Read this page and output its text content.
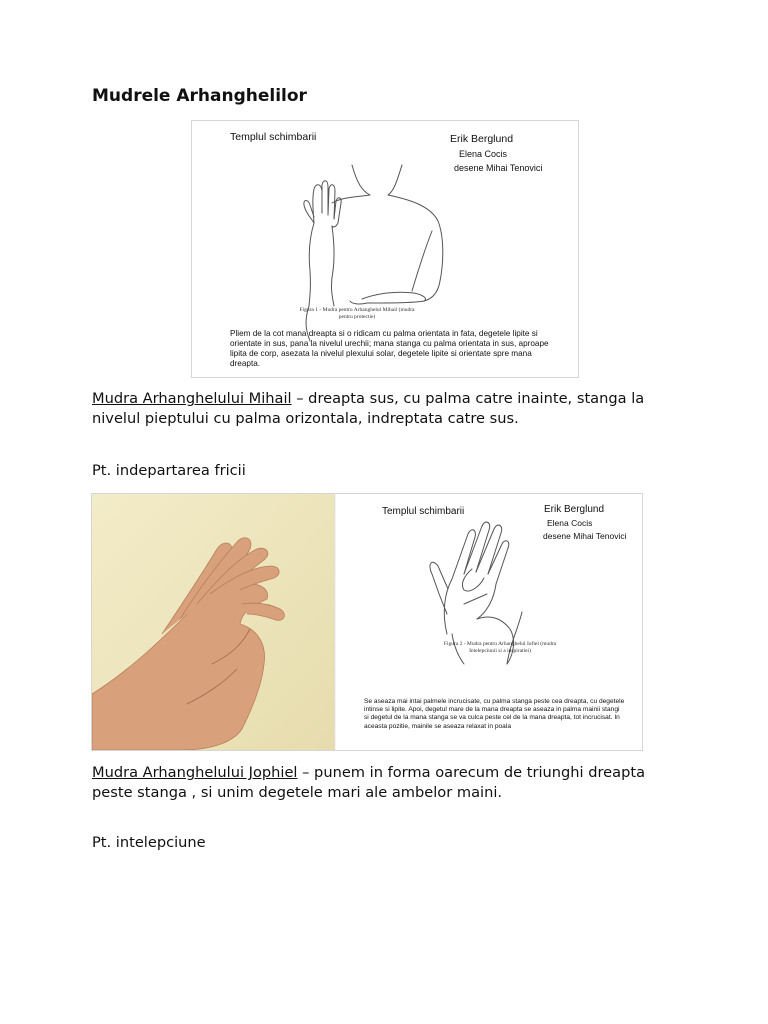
Mudrele Arhanghelilor
Templul schimbarii	Erik Berglund
Elena Cocis
desene Mihai Tenovici
Figura 1 - Mudra pentru Arhanghelul Mihail (mudra pentru protectie)
Pliem de la cot mana dreapta si o ridicam cu palma orientata in fata, degetele lipite si orientate in sus, pana la nivelul urechii; mana stanga cu palma orientata in sus, aproape lipita de corp, asezata la nivelul plexului solar, degetele lipite si orientate spre mana dreapta.

Mudra Arhanghelului Mihail – dreapta sus, cu palma catre inainte, stanga la nivelul pieptului cu palma orizontala, indreptata catre sus.

Pt. indepartarea fricii

Templul schimbarii	Erik Berglund
Elena Cocis
desene Mihai Tenovici
Figura 2 - Mudra pentru Arhanghelul Iofiel (mudra Intelepciunii si a inspiratiei)
Se aseaza mai intai palmele incrucisate, cu palma stanga peste cea dreapta, cu degetele intinse si lipite. Apoi, degetul mare de la mana dreapta se aseaza in palma mainii stangi si degetul de la mana stanga se va culca peste cel de la mana dreapta, tot incrucisat. In aceasta pozitie, mainile se aseaza relaxat in poala

Mudra Arhanghelului Jophiel – punem in forma oarecum de triunghi dreapta peste stanga , si unim degetele mari ale ambelor maini.

Pt. intelepciune
